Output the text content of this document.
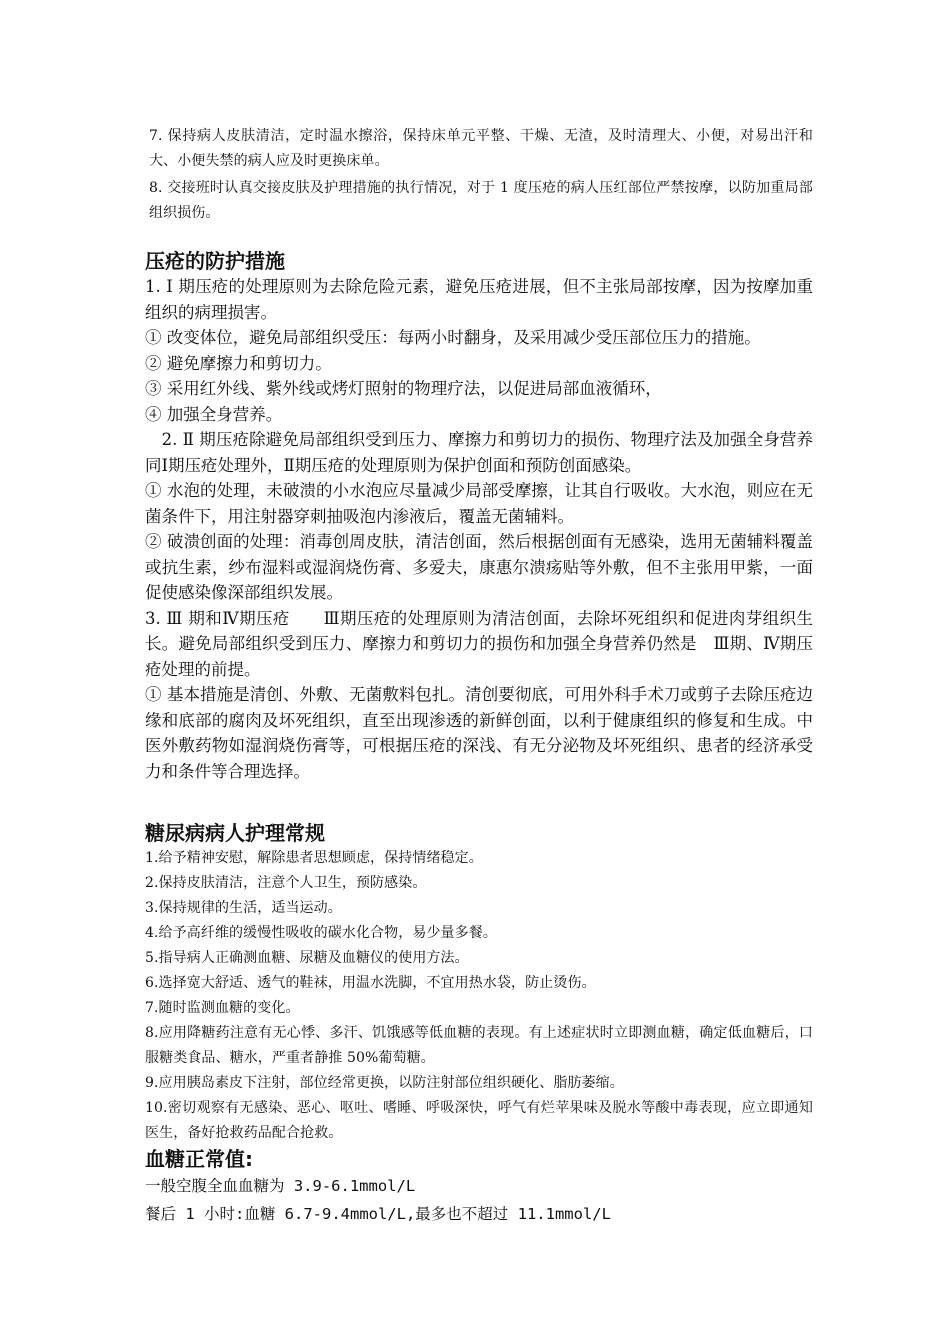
7. 保持病人皮肤清洁，定时温水擦浴，保持床单元平整、干燥、无渣，及时清理大、小便，对易出汗和大、小便失禁的病人应及时更换床单。

8. 交接班时认真交接皮肤及护理措施的执行情况，对于 1 度压疮的病人压红部位严禁按摩，以防加重局部组织损伤。

压疮的防护措施

1. Ⅰ 期压疮的处理原则为去除危险元素，避免压疮进展，但不主张局部按摩，因为按摩加重组织的病理损害。

① 改变体位，避免局部组织受压：每两小时翻身，及采用减少受压部位压力的措施。

② 避免摩擦力和剪切力。

③ 采用红外线、紫外线或烤灯照射的物理疗法，以促进局部血液循环，

④ 加强全身营养。

　2. Ⅱ 期压疮除避免局部组织受到压力、摩擦力和剪切力的损伤、物理疗法及加强全身营养同Ⅰ期压疮处理外，Ⅱ期压疮的处理原则为保护创面和预防创面感染。

① 水泡的处理，未破溃的小水泡应尽量减少局部受摩擦，让其自行吸收。大水泡，则应在无菌条件下，用注射器穿刺抽吸泡内渗液后，覆盖无菌辅料。

② 破溃创面的处理：消毒创周皮肤，清洁创面，然后根据创面有无感染，选用无菌辅料覆盖或抗生素，纱布湿料或湿润烧伤膏、多爱夫，康惠尔溃疡贴等外敷，但不主张用甲紫，一面促使感染像深部组织发展。

3. Ⅲ 期和Ⅳ期压疮　　Ⅲ期压疮的处理原则为清洁创面，去除坏死组织和促进肉芽组织生长。避免局部组织受到压力、摩擦力和剪切力的损伤和加强全身营养仍然是　Ⅲ期、Ⅳ期压疮处理的前提。

① 基本措施是清创、外敷、无菌敷料包扎。清创要彻底，可用外科手术刀或剪子去除压疮边缘和底部的腐肉及坏死组织，直至出现渗透的新鲜创面，以利于健康组织的修复和生成。中医外敷药物如湿润烧伤膏等，可根据压疮的深浅、有无分泌物及坏死组织、患者的经济承受力和条件等合理选择。

糖尿病病人护理常规

1.给予精神安慰，解除患者思想顾虑，保持情绪稳定。

2.保持皮肤清洁，注意个人卫生，预防感染。

3.保持规律的生活，适当运动。

4.给予高纤维的缓慢性吸收的碳水化合物，易少量多餐。

5.指导病人正确测血糖、尿糖及血糖仪的使用方法。

6.选择宽大舒适、透气的鞋袜，用温水洗脚，不宜用热水袋，防止烫伤。

7.随时监测血糖的变化。

8.应用降糖药注意有无心悸、多汗、饥饿感等低血糖的表现。有上述症状时立即测血糖，确定低血糖后，口服糖类食品、糖水，严重者静推 50%葡萄糖。

9.应用胰岛素皮下注射，部位经常更换，以防注射部位组织硬化、脂肪萎缩。

10.密切观察有无感染、恶心、呕吐、嗜睡、呼吸深快，呼气有烂苹果味及脱水等酸中毒表现，应立即通知医生，备好抢救药品配合抢救。

血糖正常值:

一般空腹全血血糖为 3.9-6.1mmol/L

餐后 1 小时:血糖 6.7-9.4mmol/L,最多也不超过 11.1mmol/L
